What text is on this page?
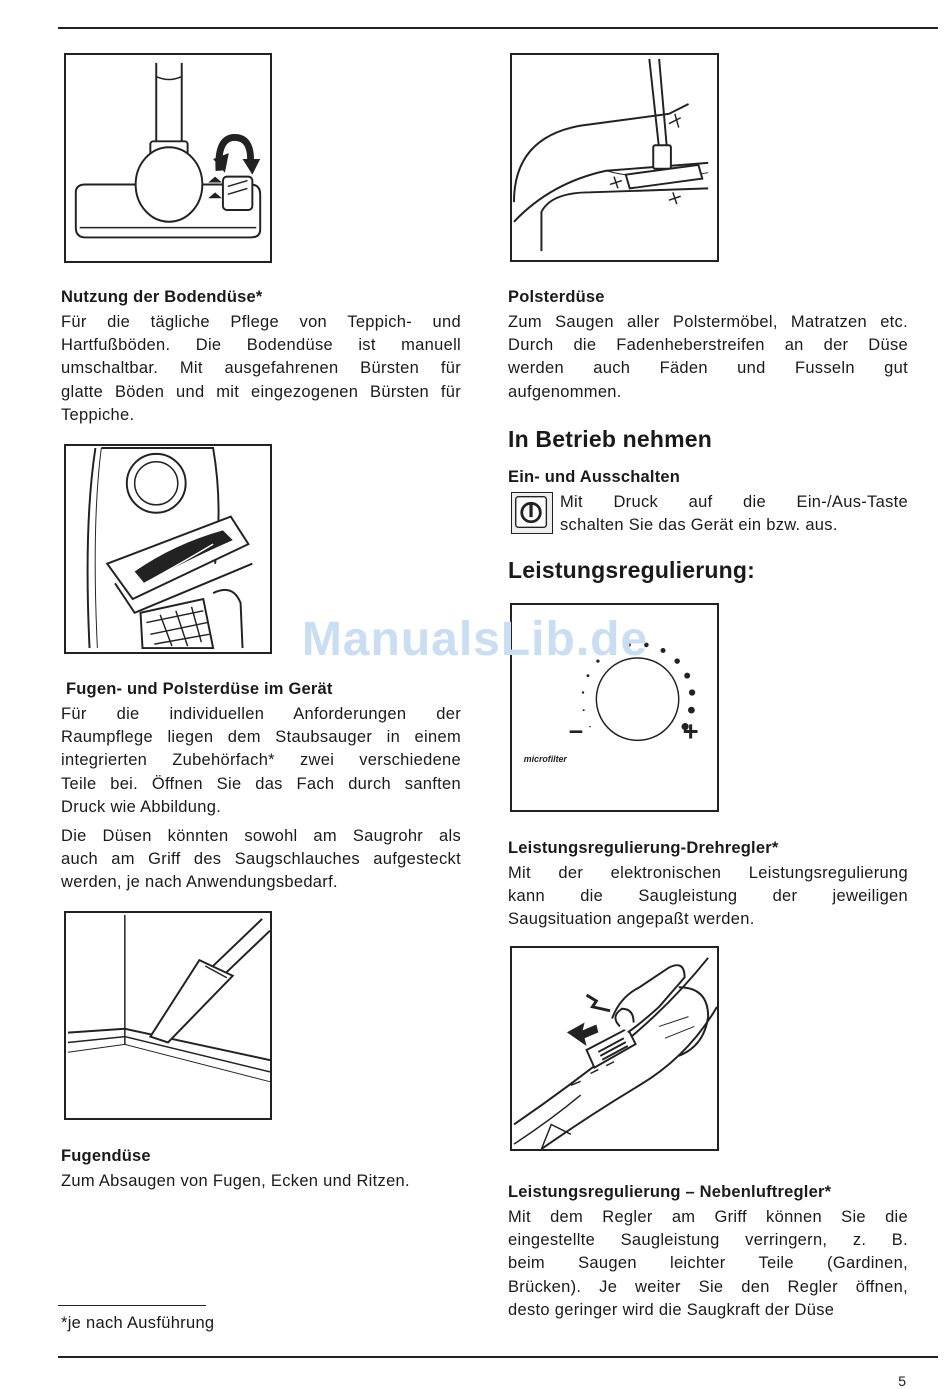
Nutzung der Bodendüse*
Für die tägliche Pflege von Teppich- und
Hartfußböden. Die Bodendüse ist manuell
umschaltbar. Mit ausgefahrenen Bürsten für
glatte Böden und mit eingezogenen Bürsten für
Teppiche.
Fugen- und Polsterdüse im Gerät
Für die individuellen Anforderungen der
Raumpflege liegen dem Staubsauger in einem
integrierten Zubehörfach* zwei verschiedene
Teile bei. Öffnen Sie das Fach durch sanften
Druck wie Abbildung.
Die Düsen könnten sowohl am Saugrohr als
auch am Griff des Saugschlauches aufgesteckt
werden, je nach Anwendungsbedarf.
Fugendüse
Zum Absaugen von Fugen, Ecken und Ritzen.
*je nach Ausführung
Polsterdüse
Zum Saugen aller Polstermöbel, Matratzen etc.
Durch die Fadenheberstreifen an der Düse
werden auch Fäden und Fusseln gut
aufgenommen.
In Betrieb nehmen
Ein- und Ausschalten
Mit Druck auf die Ein-/Aus-Taste
schalten Sie das Gerät ein bzw. aus.
Leistungsregulierung:
–	+
microfilter
Leistungsregulierung-Drehregler*
Mit der elektronischen Leistungsregulierung
kann die Saugleistung der jeweiligen
Saugsituation angepaßt werden.
Leistungsregulierung – Nebenluftregler*
Mit dem Regler am Griff können Sie die
eingestellte Saugleistung verringern, z. B.
beim Saugen leichter Teile (Gardinen,
Brücken). Je weiter Sie den Regler öffnen,
desto geringer wird die Saugkraft der Düse
ManualsLib.de
5
